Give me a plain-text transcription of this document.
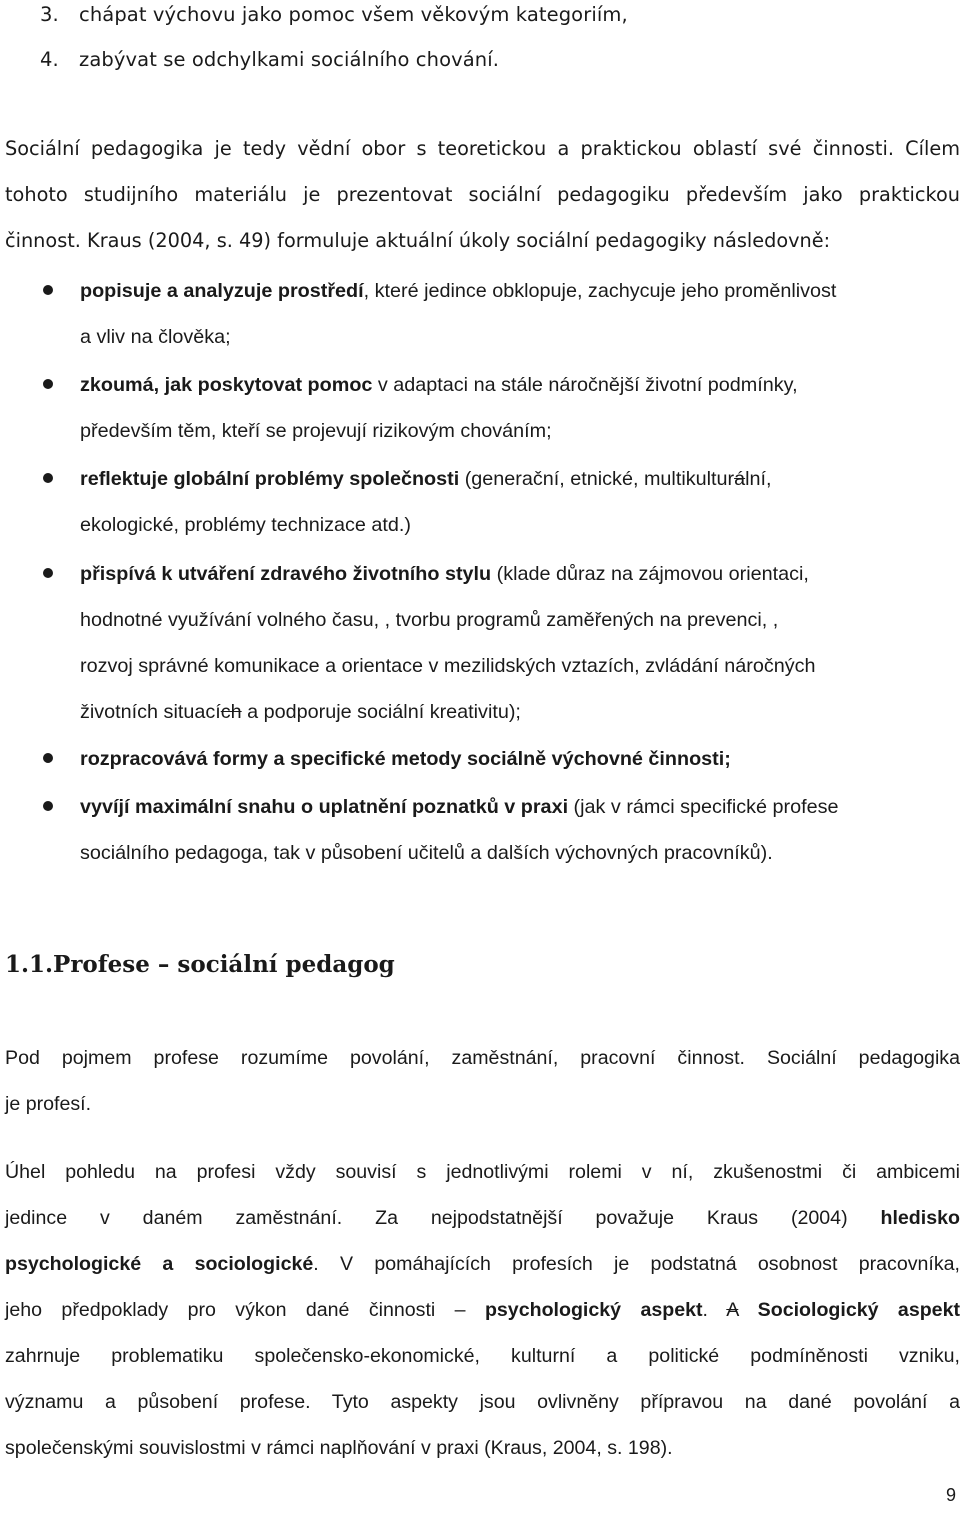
3. chápat výchovu jako pomoc všem věkovým kategoriím,
4. zabývat se odchylkami sociálního chování.
Sociální pedagogika je tedy vědní obor s teoretickou a praktickou oblastí své činnosti. Cílem
tohoto studijního materiálu je prezentovat sociální pedagogiku především jako praktickou
činnost. Kraus (2004, s. 49) formuluje aktuální úkoly sociální pedagogiky následovně:
popisuje a analyzuje prostředí, které jedince obklopuje, zachycuje jeho proměnlivost
a vliv na člověka;
zkoumá, jak poskytovat pomoc v adaptaci na stále náročnější životní podmínky,
především těm, kteří se projevují rizikovým chováním;
reflektuje globální problémy společnosti (generační, etnické, multikulturální,
ekologické, problémy technizace atd.)
přispívá k utváření zdravého životního stylu (klade důraz na zájmovou orientaci,
hodnotné využívání volného času, , tvorbu programů zaměřených na prevenci, ,
rozvoj správné komunikace a orientace v mezilidských vztazích, zvládání náročných
životních situacích a podporuje sociální kreativitu);
rozpracovává formy a specifické metody sociálně výchovné činnosti;
vyvíjí maximální snahu o uplatnění poznatků v praxi (jak v rámci specifické profese
sociálního pedagoga, tak v působení učitelů a dalších výchovných pracovníků).
1.1.Profese – sociální pedagog
Pod pojmem profese rozumíme povolání, zaměstnání, pracovní činnost. Sociální pedagogika
je profesí.
Úhel pohledu na profesi vždy souvisí s jednotlivými rolemi v ní, zkušenostmi či ambicemi
jedince v daném zaměstnání. Za nejpodstatnější považuje Kraus (2004) hledisko
psychologické a sociologické. V pomáhajících profesích je podstatná osobnost pracovníka,
jeho předpoklady pro výkon dané činnosti – psychologický aspekt. A Sociologický aspekt
zahrnuje problematiku společensko-ekonomické, kulturní a politické podmíněnosti vzniku,
významu a působení profese. Tyto aspekty jsou ovlivněny přípravou na dané povolání a
společenskými souvislostmi v rámci naplňování v praxi (Kraus, 2004, s. 198).
9
